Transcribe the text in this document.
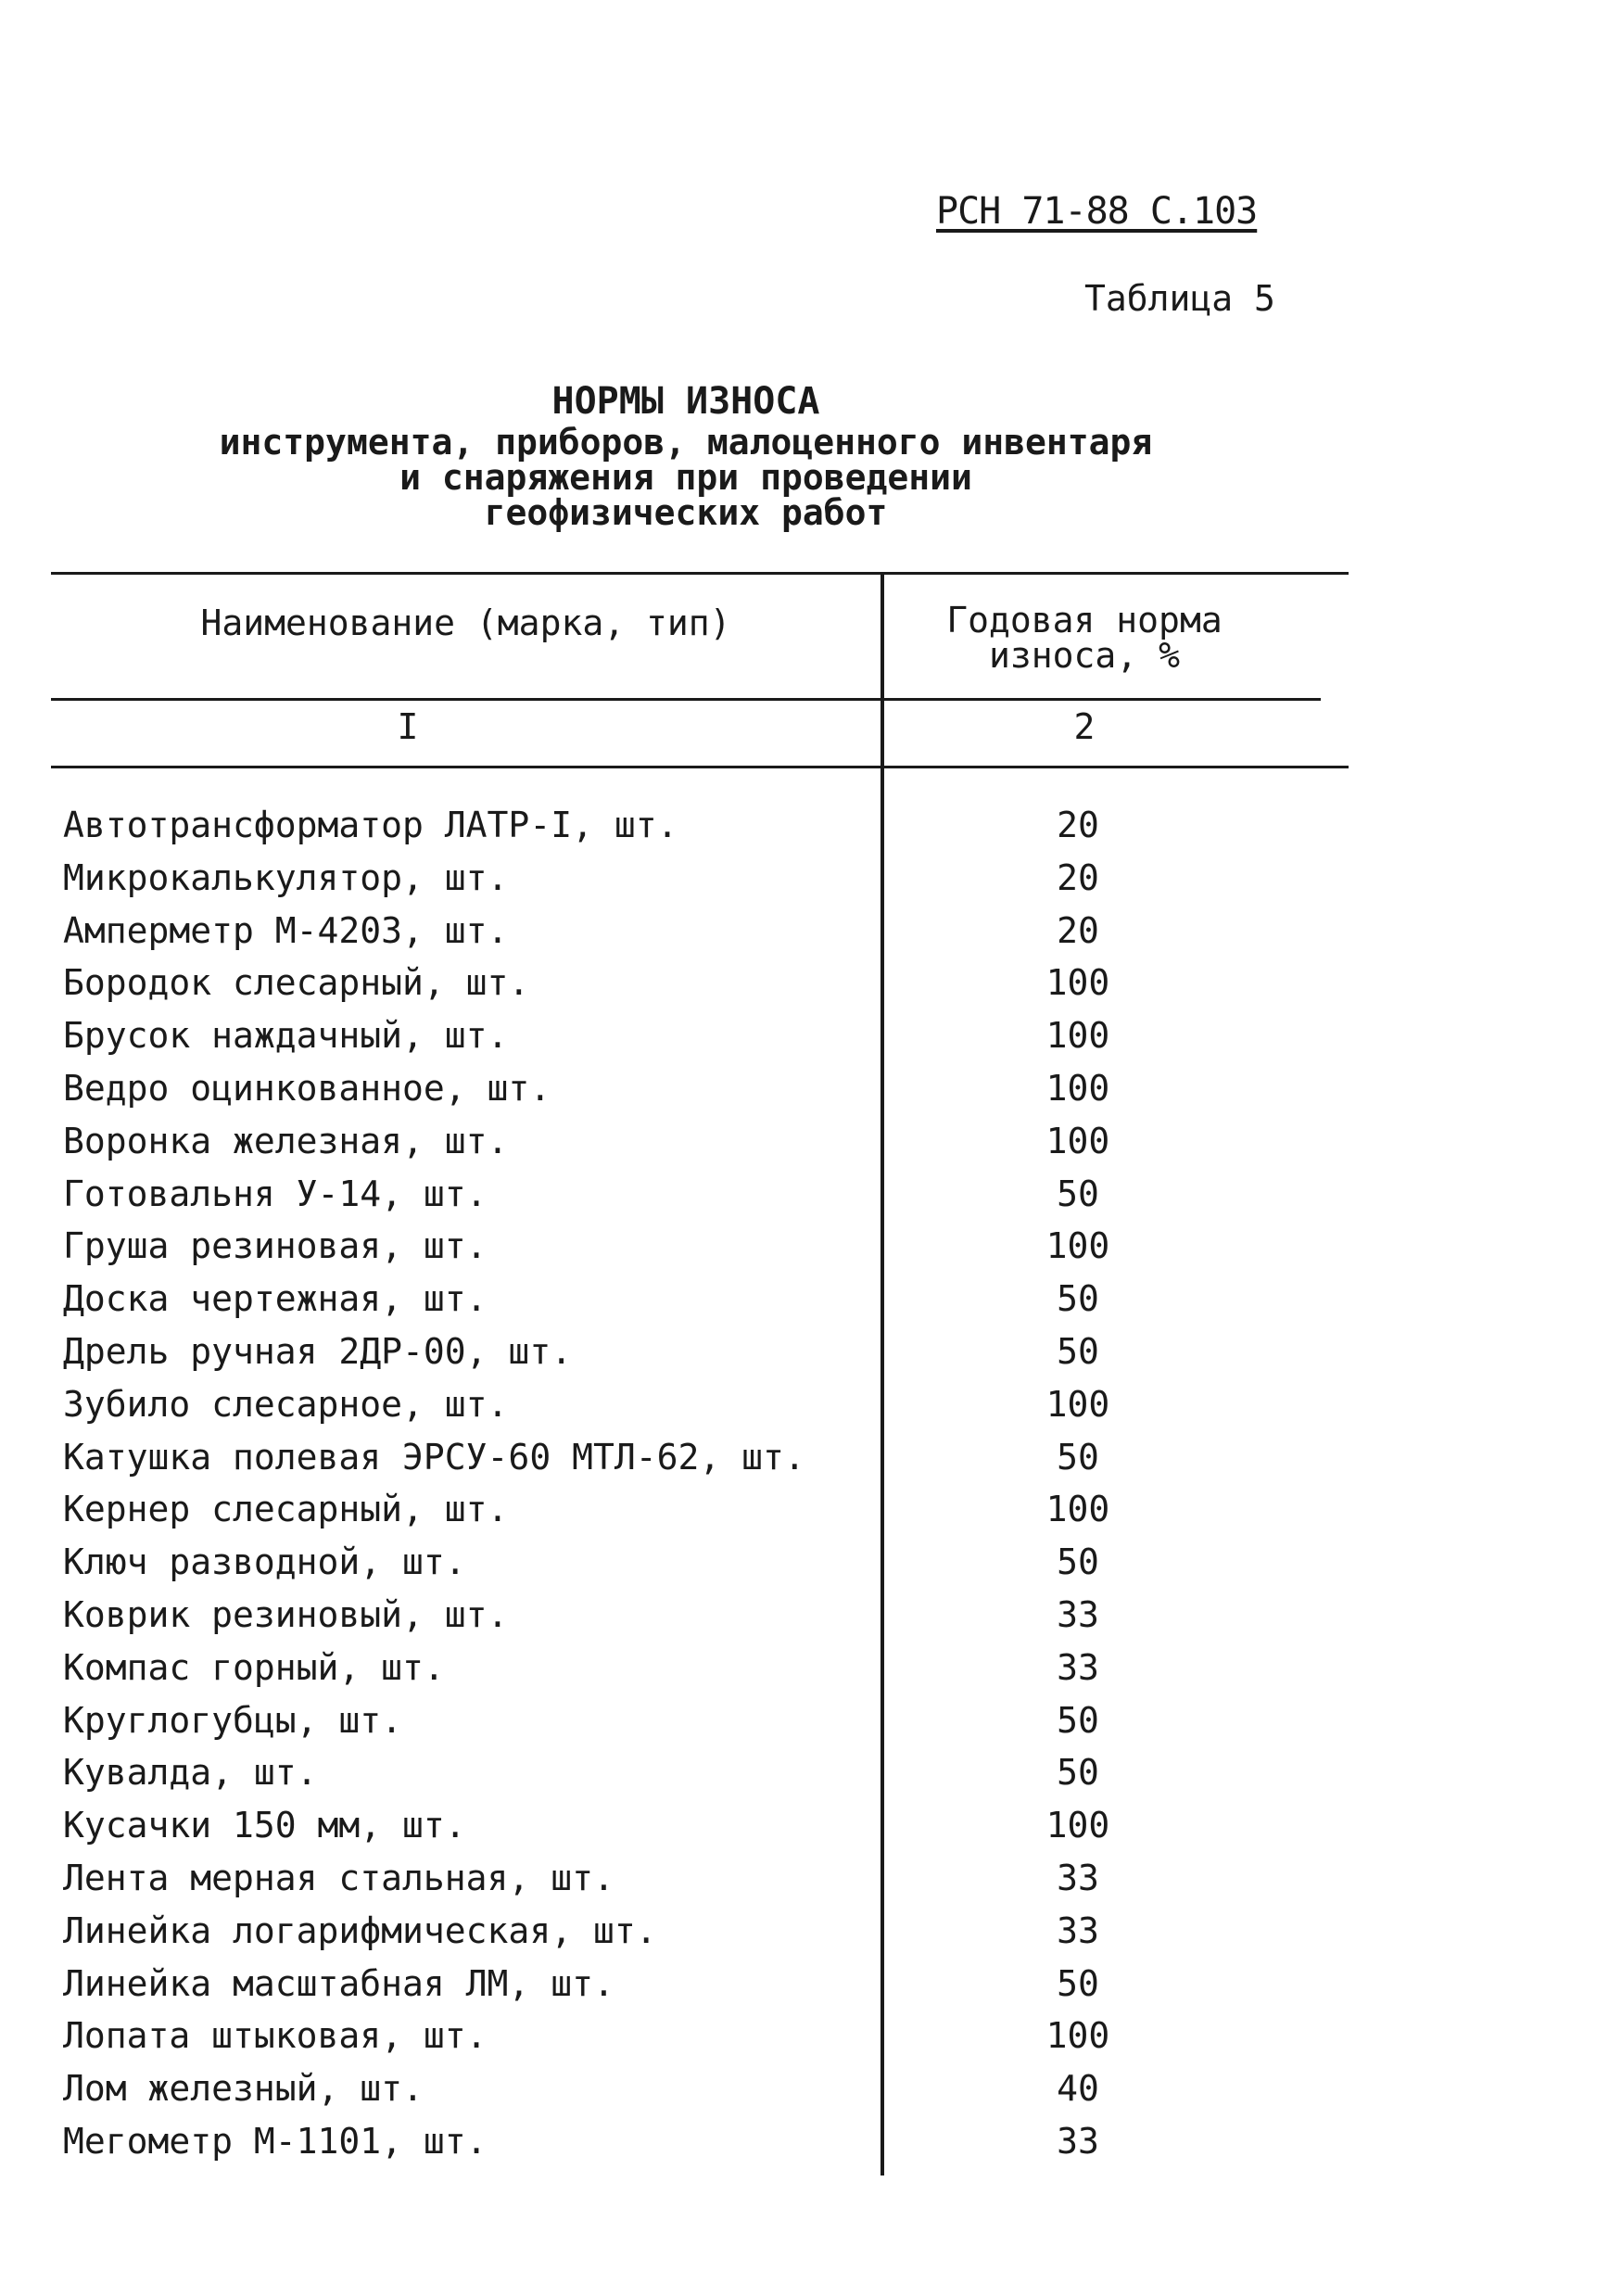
РСН 71-88 С.103
Таблица 5
НОРМЫ ИЗНОСА
инструмента, приборов, малоценного инвентаря
и снаряжения при проведении
геофизических работ
Наименование (марка, тип)	Годовая норма износа, %
I	2
Автотрансформатор ЛАТР-I, шт.	20
Микрокалькулятор, шт.	20
Амперметр М-4203, шт.	20
Бородок слесарный, шт.	100
Брусок наждачный, шт.	100
Ведро оцинкованное, шт.	100
Воронка железная, шт.	100
Готовальня У-14, шт.	50
Груша резиновая, шт.	100
Доска чертежная, шт.	50
Дрель ручная 2ДР-00, шт.	50
Зубило слесарное, шт.	100
Катушка полевая ЭРСУ-60 МТЛ-62, шт.	50
Кернер слесарный, шт.	100
Ключ разводной, шт.	50
Коврик резиновый, шт.	33
Компас горный, шт.	33
Круглогубцы, шт.	50
Кувалда, шт.	50
Кусачки 150 мм, шт.	100
Лента мерная стальная, шт.	33
Линейка логарифмическая, шт.	33
Линейка масштабная ЛМ, шт.	50
Лопата штыковая, шт.	100
Лом железный, шт.	40
Мегометр М-1101, шт.	33
